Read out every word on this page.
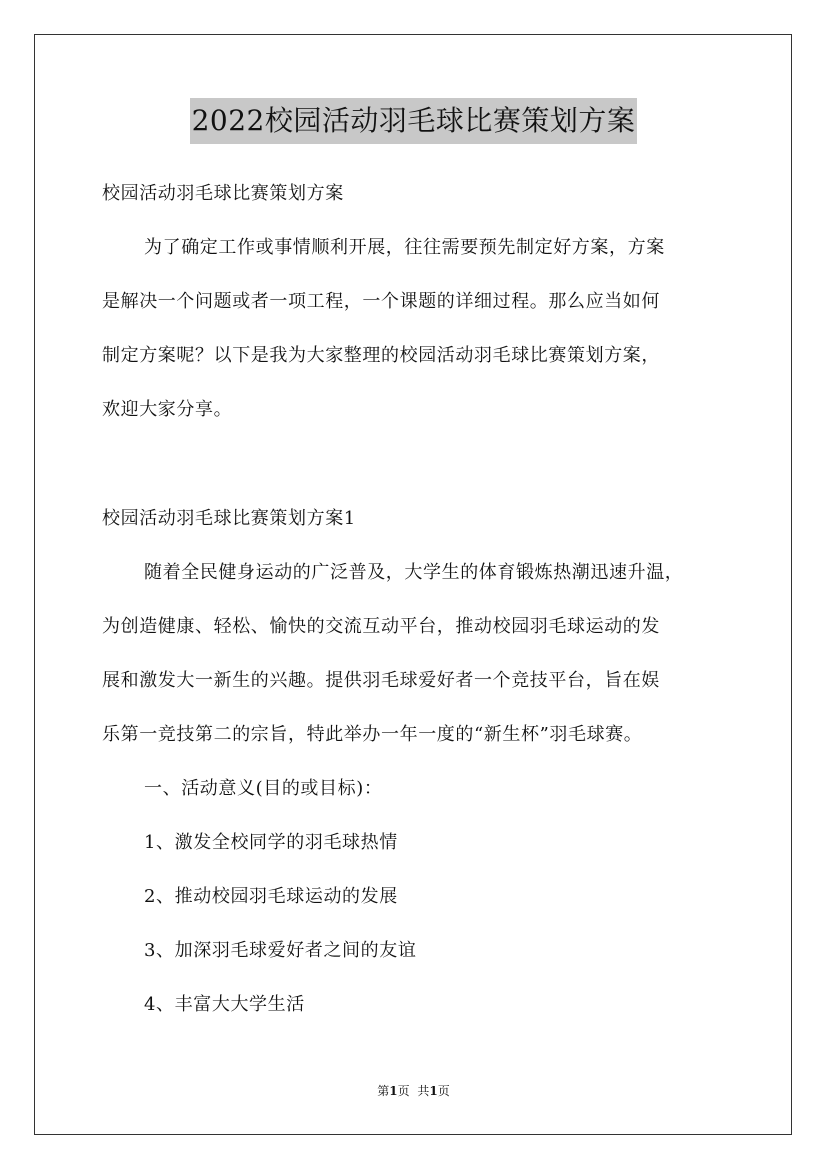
2022校园活动羽毛球比赛策划方案
校园活动羽毛球比赛策划方案
为了确定工作或事情顺利开展，往往需要预先制定好方案，方案
是解决一个问题或者一项工程，一个课题的详细过程。那么应当如何
制定方案呢？以下是我为大家整理的校园活动羽毛球比赛策划方案，
欢迎大家分享。
校园活动羽毛球比赛策划方案1
随着全民健身运动的广泛普及，大学生的体育锻炼热潮迅速升温，
为创造健康、轻松、愉快的交流互动平台，推动校园羽毛球运动的发
展和激发大一新生的兴趣。提供羽毛球爱好者一个竞技平台，旨在娱
乐第一竞技第二的宗旨，特此举办一年一度的“新生杯”羽毛球赛。
一、活动意义(目的或目标)：
1、激发全校同学的羽毛球热情
2、推动校园羽毛球运动的发展
3、加深羽毛球爱好者之间的友谊
4、丰富大大学生活
第1页 共1页
